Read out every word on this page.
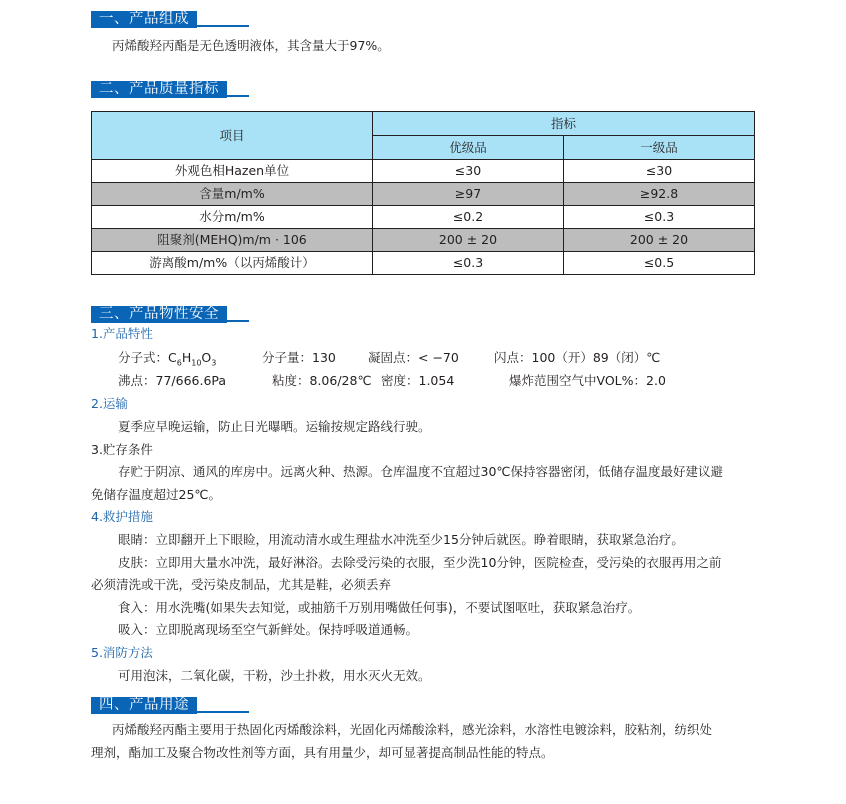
一、产品组成
丙烯酸羟丙酯是无色透明液体，其含量大于97%。
二、产品质量指标
项目	指标	
	优级品	一级品
外观色相Hazen单位	≤30	≤30
含量m/m%	≥97	≥92.8
水分m/m%	≤0.2	≤0.3
阻聚剂(MEHQ)m/m · 106	200 ± 20	200 ± 20
游离酸m/m%（以丙烯酸计）	≤0.3	≤0.5
三、产品物性安全
1.产品特性
分子式：$C_6H_{10}O_3$	分子量：130	凝固点：< −70	闪点：100（开）89（闭）℃
沸点：77/666.6Pa	粘度：8.06/28℃ 密度：1.054	爆炸范围空气中VOL%：2.0
2.运输
夏季应早晚运输，防止日光曝晒。运输按规定路线行驶。
3.贮存条件
存贮于阴凉、通风的库房中。远离火种、热源。仓库温度不宜超过30℃保持容器密闭，低储存温度最好建议避
免储存温度超过25℃。
4.救护措施
眼睛：立即翻开上下眼睑，用流动清水或生理盐水冲洗至少15分钟后就医。睁着眼睛，获取紧急治疗。
皮肤：立即用大量水冲洗，最好淋浴。去除受污染的衣服，至少洗10分钟，医院检查，受污染的衣服再用之前
必须清洗或干洗，受污染皮制品，尤其是鞋，必须丢弃
食入：用水洗嘴(如果失去知觉，或抽筋千万别用嘴做任何事)，不要试图呕吐，获取紧急治疗。
吸入：立即脱离现场至空气新鲜处。保持呼吸道通畅。
5.消防方法
可用泡沫，二氧化碳，干粉，沙土扑救，用水灭火无效。
四、产品用途
丙烯酸羟丙酯主要用于热固化丙烯酸涂料，光固化丙烯酸涂料，感光涂料，水溶性电镀涂料，胶粘剂，纺织处
理剂，酯加工及聚合物改性剂等方面，具有用量少，却可显著提高制品性能的特点。
